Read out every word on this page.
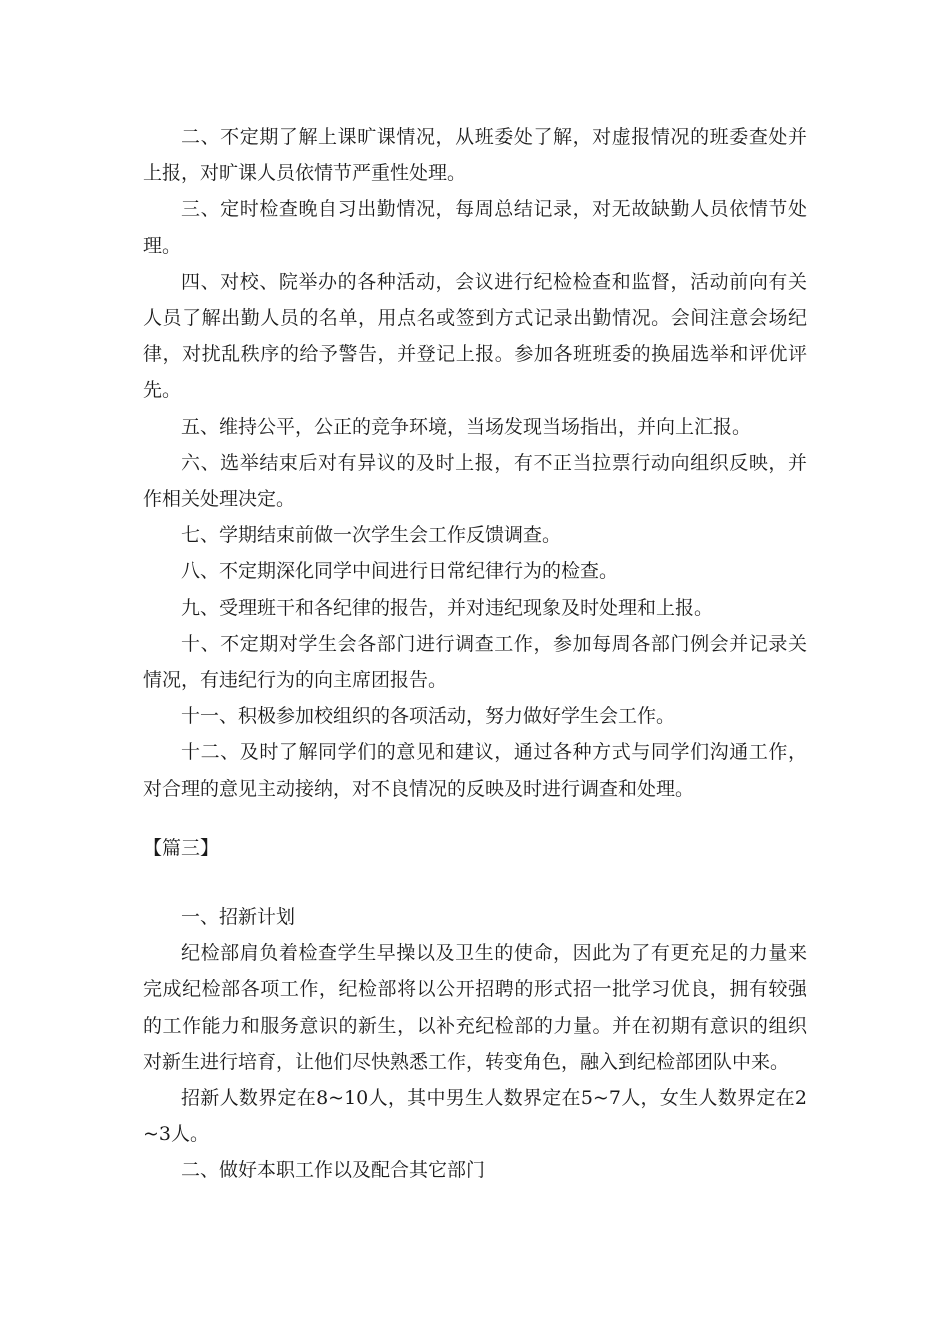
二、不定期了解上课旷课情况，从班委处了解，对虚报情况的班委查处并上报，对旷课人员依情节严重性处理。

三、定时检查晚自习出勤情况，每周总结记录，对无故缺勤人员依情节处理。

四、对校、院举办的各种活动，会议进行纪检检查和监督，活动前向有关人员了解出勤人员的名单，用点名或签到方式记录出勤情况。会间注意会场纪律，对扰乱秩序的给予警告，并登记上报。参加各班班委的换届选举和评优评先。

五、维持公平，公正的竞争环境，当场发现当场指出，并向上汇报。

六、选举结束后对有异议的及时上报，有不正当拉票行动向组织反映，并作相关处理决定。

七、学期结束前做一次学生会工作反馈调查。

八、不定期深化同学中间进行日常纪律行为的检查。

九、受理班干和各纪律的报告，并对违纪现象及时处理和上报。

十、不定期对学生会各部门进行调查工作，参加每周各部门例会并记录关情况，有违纪行为的向主席团报告。

十一、积极参加校组织的各项活动，努力做好学生会工作。

十二、及时了解同学们的意见和建议，通过各种方式与同学们沟通工作，对合理的意见主动接纳，对不良情况的反映及时进行调查和处理。

【篇三】

一、招新计划

纪检部肩负着检查学生早操以及卫生的使命，因此为了有更充足的力量来完成纪检部各项工作，纪检部将以公开招聘的形式招一批学习优良，拥有较强的工作能力和服务意识的新生，以补充纪检部的力量。并在初期有意识的组织对新生进行培育，让他们尽快熟悉工作，转变角色，融入到纪检部团队中来。

招新人数界定在8~10人，其中男生人数界定在5~7人，女生人数界定在2~3人。

二、做好本职工作以及配合其它部门
